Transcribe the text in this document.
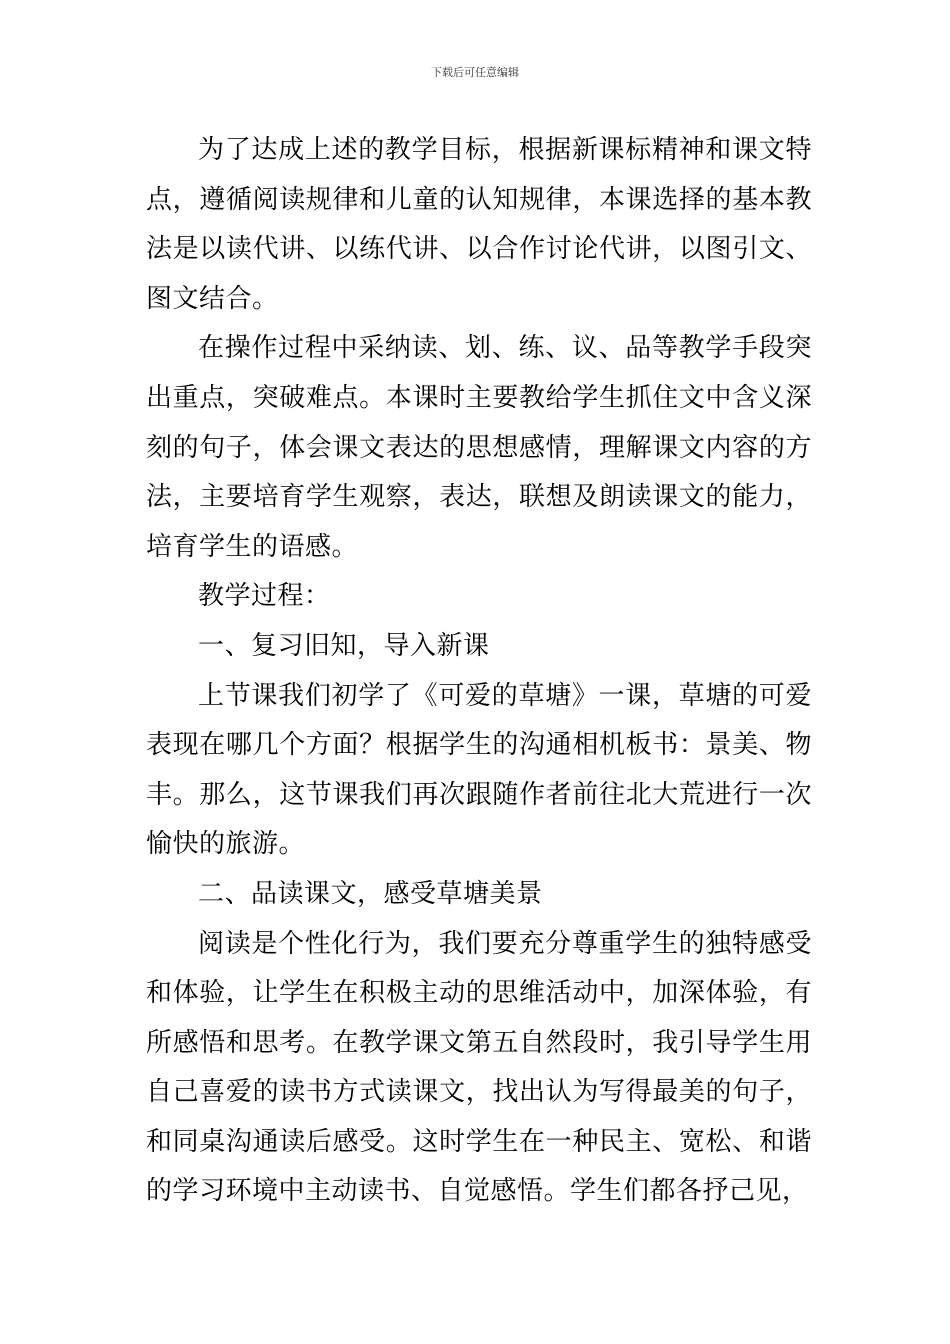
下载后可任意编辑

为了达成上述的教学目标，根据新课标精神和课文特点，遵循阅读规律和儿童的认知规律，本课选择的基本教法是以读代讲、以练代讲、以合作讨论代讲，以图引文、图文结合。

在操作过程中采纳读、划、练、议、品等教学手段突出重点，突破难点。本课时主要教给学生抓住文中含义深刻的句子，体会课文表达的思想感情，理解课文内容的方法，主要培育学生观察，表达，联想及朗读课文的能力，培育学生的语感。

教学过程：

一、复习旧知，导入新课

上节课我们初学了《可爱的草塘》一课，草塘的可爱表现在哪几个方面？根据学生的沟通相机板书：景美、物丰。那么，这节课我们再次跟随作者前往北大荒进行一次愉快的旅游。

二、品读课文，感受草塘美景

阅读是个性化行为，我们要充分尊重学生的独特感受和体验，让学生在积极主动的思维活动中，加深体验，有所感悟和思考。在教学课文第五自然段时，我引导学生用自己喜爱的读书方式读课文，找出认为写得最美的句子，和同桌沟通读后感受。这时学生在一种民主、宽松、和谐的学习环境中主动读书、自觉感悟。学生们都各抒己见，
